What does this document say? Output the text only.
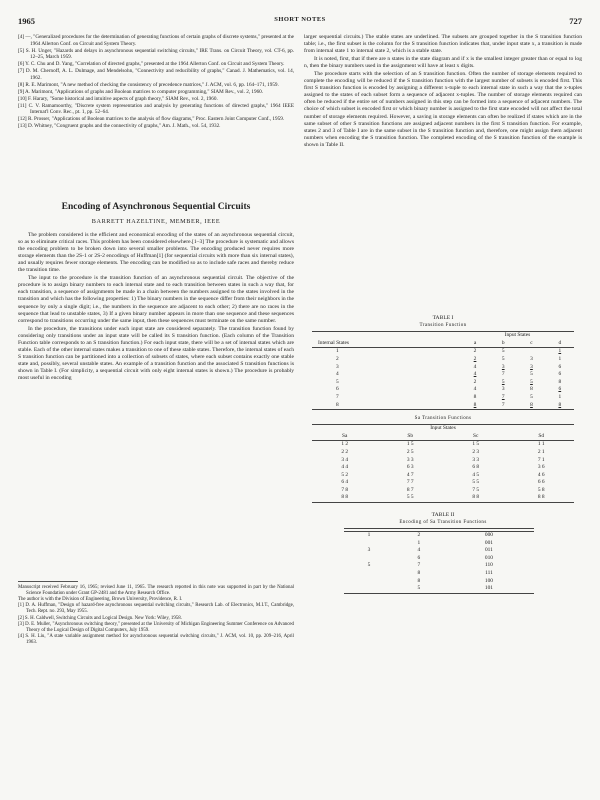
1965	SHORT NOTES	727

[4] —, "Generalized procedures for the determination of generating functions of certain graphs of discrete systems," presented at the 1964 Allerton Conf. on Circuit and System Theory.

[5] S. H. Unger, "Hazards and delays in asynchronous sequential switching circuits," IRE Trans. on Circuit Theory, vol. CT-6, pp. 12–25, March 1959.

[6] Y. C. Chu and D. Yang, "Correlation of directed graphs," presented at the 1964 Allerton Conf. on Circuit and System Theory.

[7] D. M. Chernoff, A. L. Dulmage, and Mendelsohn, "Connectivity and reducibility of graphs," Canad. J. Mathematics, vol. 14, 1962.

[8] R. E. Marimont, "A new method of checking the consistency of precedence matrices," J. ACM, vol. 6, pp. 164–171, 1959.

[9] A. Marimont, "Applications of graphs and Boolean matrices to computer programming," SIAM Rev., vol. 2, 1960.

[10] F. Harary, "Some historical and intuitive aspects of graph theory," SIAM Rev., vol. 2, 1960.

[11] C. V. Ramamoorthy, "Discrete system representation and analysis by generating functions of directed graphs," 1964 IEEE Internat'l Conv. Rec., pt. 1, pp. 52–64.

[12] R. Prosser, "Applications of Boolean matrices to the analysis of flow diagrams," Proc. Eastern Joint Computer Conf., 1959.

[13] D. Whitney, "Congruent graphs and the connectivity of graphs," Am. J. Math., vol. 54, 1932.

Encoding of Asynchronous Sequential Circuits
BARRETT HAZELTINE, MEMBER, IEEE

The problem considered is the efficient and economical encoding of the states of an asynchronous sequential circuit, so as to eliminate critical races. This problem has been considered elsewhere.[1–3] The procedure is systematic and allows the encoding problem to be broken down into several smaller problems. The encoding produced never requires more storage elements than the 2S-1 or 2S-2 encodings of Huffman[1] (for sequential circuits with more than six internal states), and usually requires fewer storage elements. The encoding can be modified so as to include safe races and thereby reduce the transition time.

The input to the procedure is the transition function of an asynchronous sequential circuit. The objective of the procedure is to assign binary numbers to each internal state and to each transition between states in such a way that, for each transition, a sequence of assignments be made in a chain between the numbers assigned to the states involved in the transition and which has the following properties: 1) The binary numbers in the sequence differ from their neighbors in the sequence by only a single digit; i.e., the numbers in the sequence are adjacent to each other; 2) there are no races in the sequence that lead to unstable states, 3) If a given binary number appears in more than one sequence and these sequences correspond to transitions occurring under the same input, then these sequences must terminate on the same number.

In the procedure, the transitions under each input state are considered separately. The transition function found by considering only transitions under an input state will be called its S transition function. (Each column of the Transition Function table corresponds to an S transition function.) For each input state, there will be a set of internal states which are stable. Each of the other internal states makes a transition to one of these stable states. Therefore, the internal states of each S transition function can be partitioned into a collection of subsets of states, where each subset contains exactly one stable state and, possibly, several unstable states. An example of a transition function and the associated S transition functions is shown in Table I. (For simplicity, a sequential circuit with only eight internal states is shown.) The procedure is probably most useful in encoding

Manuscript received February 16, 1965; revised June 11, 1965. The research reported in this note was supported in part by the National Science Foundation under Grant GP-2481 and the Army Research Office.

The author is with the Division of Engineering, Brown University, Providence, R. I.

[1] D. A. Huffman, "Design of hazard-free asynchronous sequential switching circuits," Research Lab. of Electronics, M.I.T., Cambridge, Tech. Rept. no. 293, May 1955.

[2] S. H. Caldwell, Switching Circuits and Logical Design. New York: Wiley, 1958.

[3] D. E. Muller, "Asynchronous switching theory," presented at the University of Michigan Engineering Summer Conference on Advanced Theory of the Logical Design of Digital Computers, July 1959.

[4] S. H. Liu, "A state variable assignment method for asynchronous sequential switching circuits," J. ACM, vol. 10, pp. 209–216, April 1963.

larger sequential circuits.) The stable states are underlined. The subsets are grouped together in the S transition function table; i.e., the first subset is the column for the S transition function indicates that, under input state x, a transition is made from internal state 1 to internal state 2, which is a stable state.

It is noted, first, that if there are n states in the state diagram and if x is the smallest integer greater than or equal to log n, then the binary numbers used in the assignment will have at least x digits.

The procedure starts with the selection of an S transition function. Often the number of storage elements required to complete the encoding will be reduced if the S transition function with the largest number of subsets is encoded first. This first S transition function is encoded by assigning a different x-tuple to each internal state in such a way that the x-tuples assigned to the states of each subset form a sequence of adjacent x-tuples. The number of storage elements required can often be reduced if the entire set of numbers assigned in this step can be formed into a sequence of adjacent numbers. The choice of which subset is encoded first or which binary number is assigned to the first state encoded will not affect the total number of storage elements required. However, a saving in storage elements can often be realized if states which are in the same subset of other S transition functions are assigned adjacent numbers in the first S transition function. For example, states 2 and 3 of Table I are in the same subset in the S transition function and, therefore, one might assign them adjacent numbers when encoding the S transition function. The completed encoding of the S transition function of the example is shown in Table II.

TABLE I
Transition Function
Internal States	Input States			
	a	b	c	d
1	2	5		1
2	2	5	3	1
3	4	3	3	6
4	4	7	5	6
5	2	5	5	8
6	4	3	8	6
7	8	7	5	1
8	8	7	8	8
Sa Transition Functions
Input States			
Sa	Sb	Sc	Sd
1 2	1 5	1 5	1 1
2 2	2 5	2 3	2 1
3 4	3 3	3 3	7 1
4 4	6 3	6 8	3 6
5 2	4 7	4 5	4 6
6 4	7 7	5 5	6 6
7 8	8 7	7 5	5 8
8 8	5 5	8 8	8 8
TABLE II
Encoding of Sa Transition Functions

1	2	000
	1	001
3	4	011
	6	010
5	7	110
	8	111
	8	100
	5	101
